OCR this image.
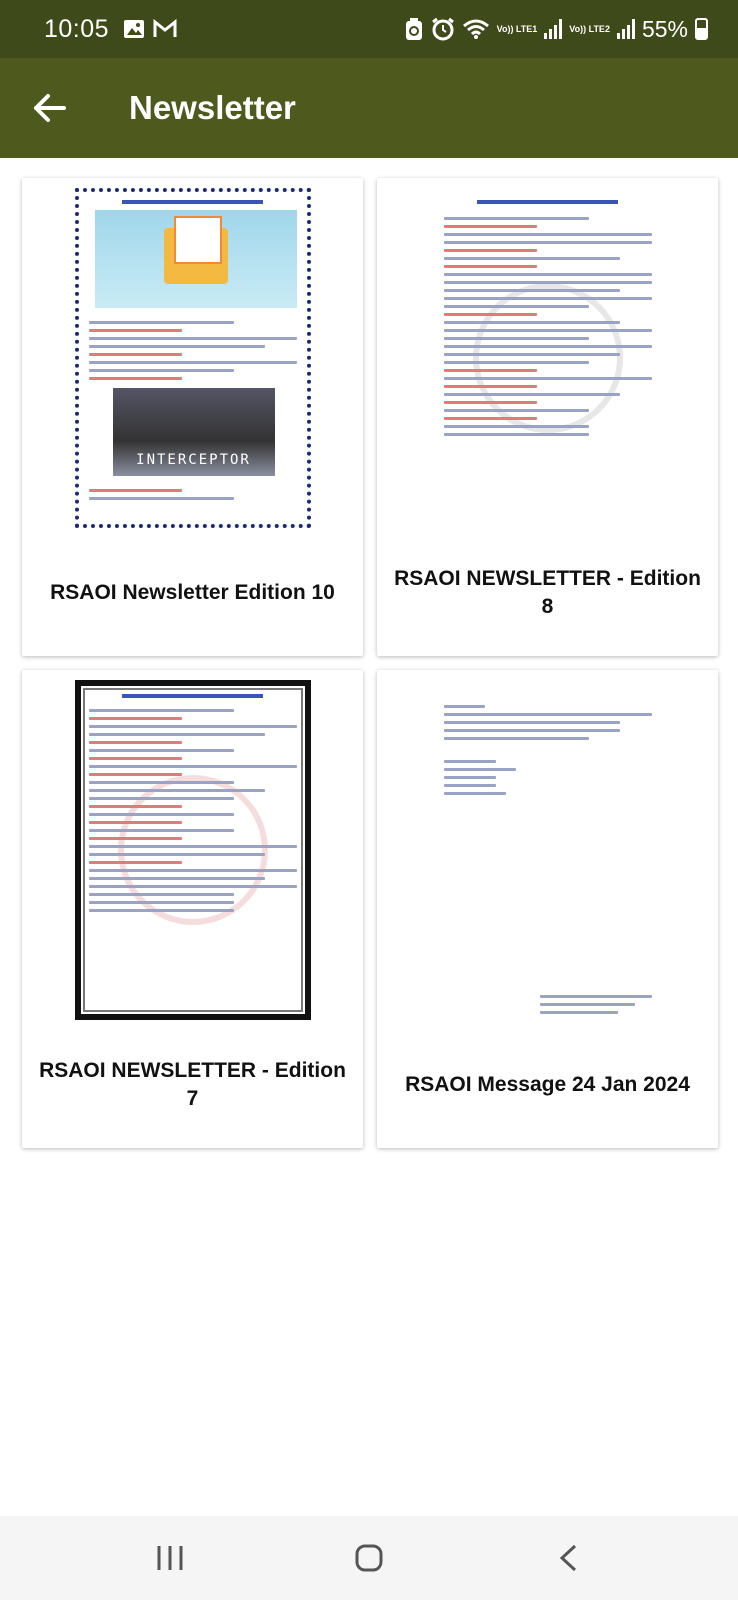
10:05	Vo)) LTE1	Vo)) LTE2 55%
Newsletter
INTERCEPTOR
RSAOI Newsletter Edition 10
RSAOI NEWSLETTER - Edition 8
RSAOI NEWSLETTER - Edition 7
RSAOI Message 24 Jan 2024
